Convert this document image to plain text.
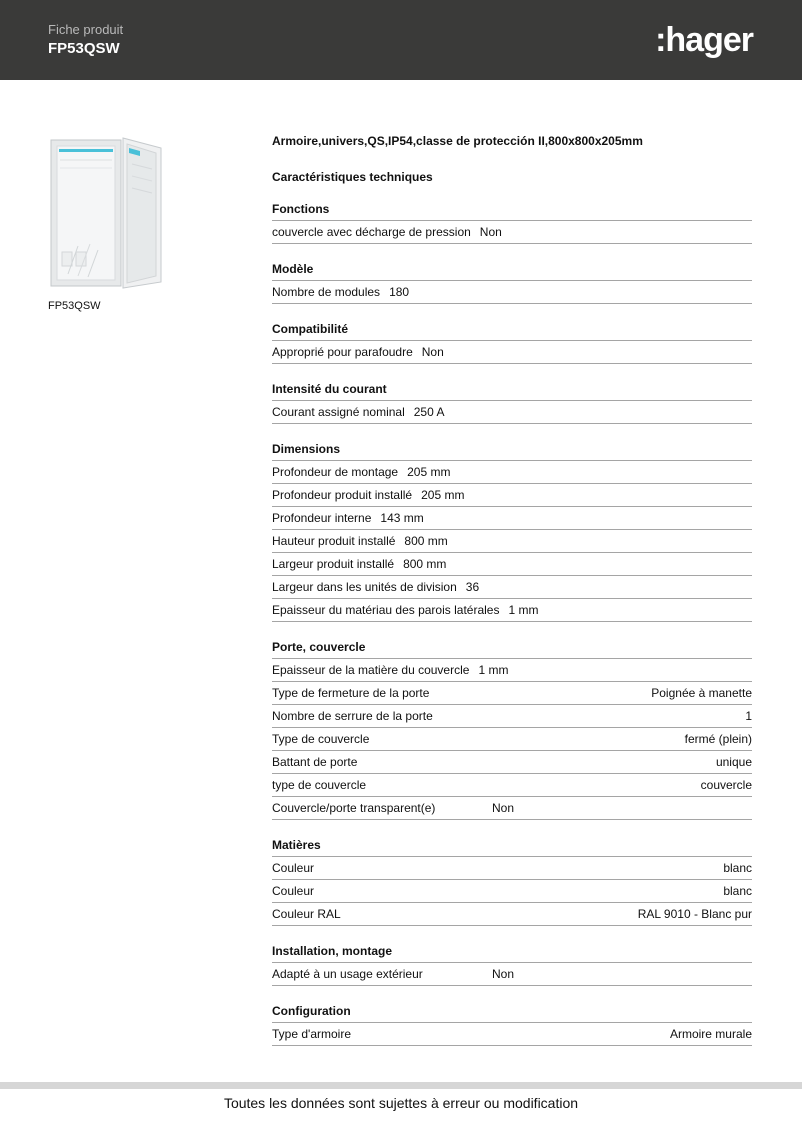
Fiche produit
FP53QSW	:hager
FP53QSW
Armoire,univers,QS,IP54,classe de protección II,800x800x205mm
Caractéristiques techniques
Fonctions
couvercle avec décharge de pression Non
Modèle
Nombre de modules 180
Compatibilité
Approprié pour parafoudre Non
Intensité du courant
Courant assigné nominal 250 A
Dimensions
Profondeur de montage 205 mm
Profondeur produit installé 205 mm
Profondeur interne 143 mm
Hauteur produit installé 800 mm
Largeur produit installé 800 mm
Largeur dans les unités de division 36
Epaisseur du matériau des parois latérales 1 mm
Porte, couvercle
Epaisseur de la matière du couvercle 1 mm
Type de fermeture de la porte	Poignée à manette
Nombre de serrure de la porte	1
Type de couvercle	fermé (plein)
Battant de porte	unique
type de couvercle	couvercle
Couvercle/porte transparent(e)	Non
Matières
Couleur	blanc
Couleur	blanc
Couleur RAL	RAL 9010 - Blanc pur
Installation, montage
Adapté à un usage extérieur	Non
Configuration
Type d'armoire	Armoire murale
Toutes les données sont sujettes à erreur ou modification
